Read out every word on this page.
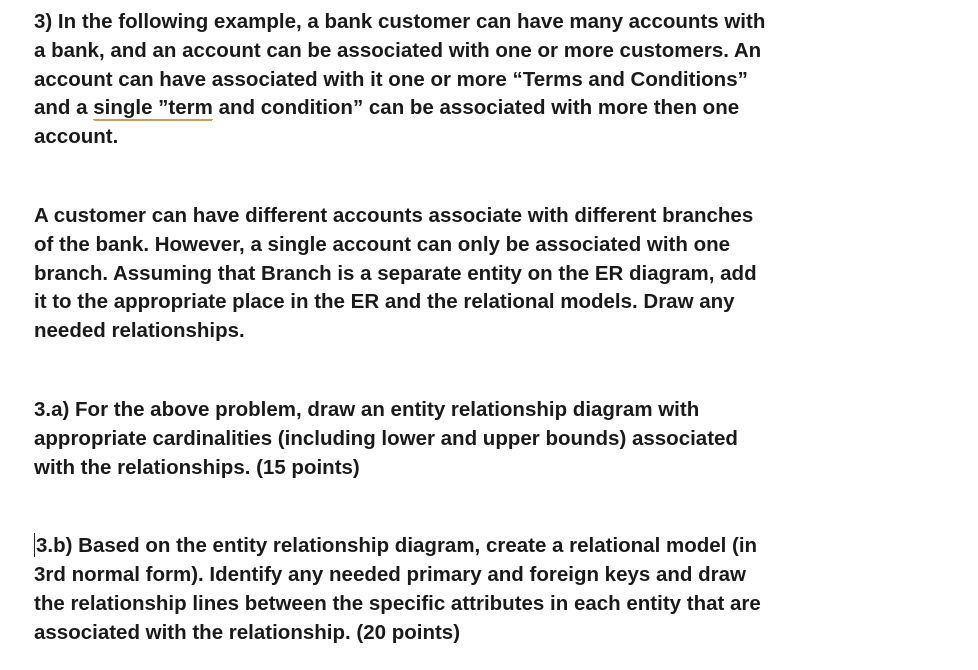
3) In the following example, a bank customer can have many accounts with
a bank, and an account can be associated with one or more customers. An
account can have associated with it one or more “Terms and Conditions”
and a single ”term and condition” can be associated with more then one
account.

A customer can have different accounts associate with different branches
of the bank. However, a single account can only be associated with one
branch. Assuming that Branch is a separate entity on the ER diagram, add
it to the appropriate place in the ER and the relational models. Draw any
needed relationships.

3.a) For the above problem, draw an entity relationship diagram with
appropriate cardinalities (including lower and upper bounds) associated
with the relationships. (15 points)

3.b) Based on the entity relationship diagram, create a relational model (in
3rd normal form). Identify any needed primary and foreign keys and draw
the relationship lines between the specific attributes in each entity that are
associated with the relationship. (20 points)
